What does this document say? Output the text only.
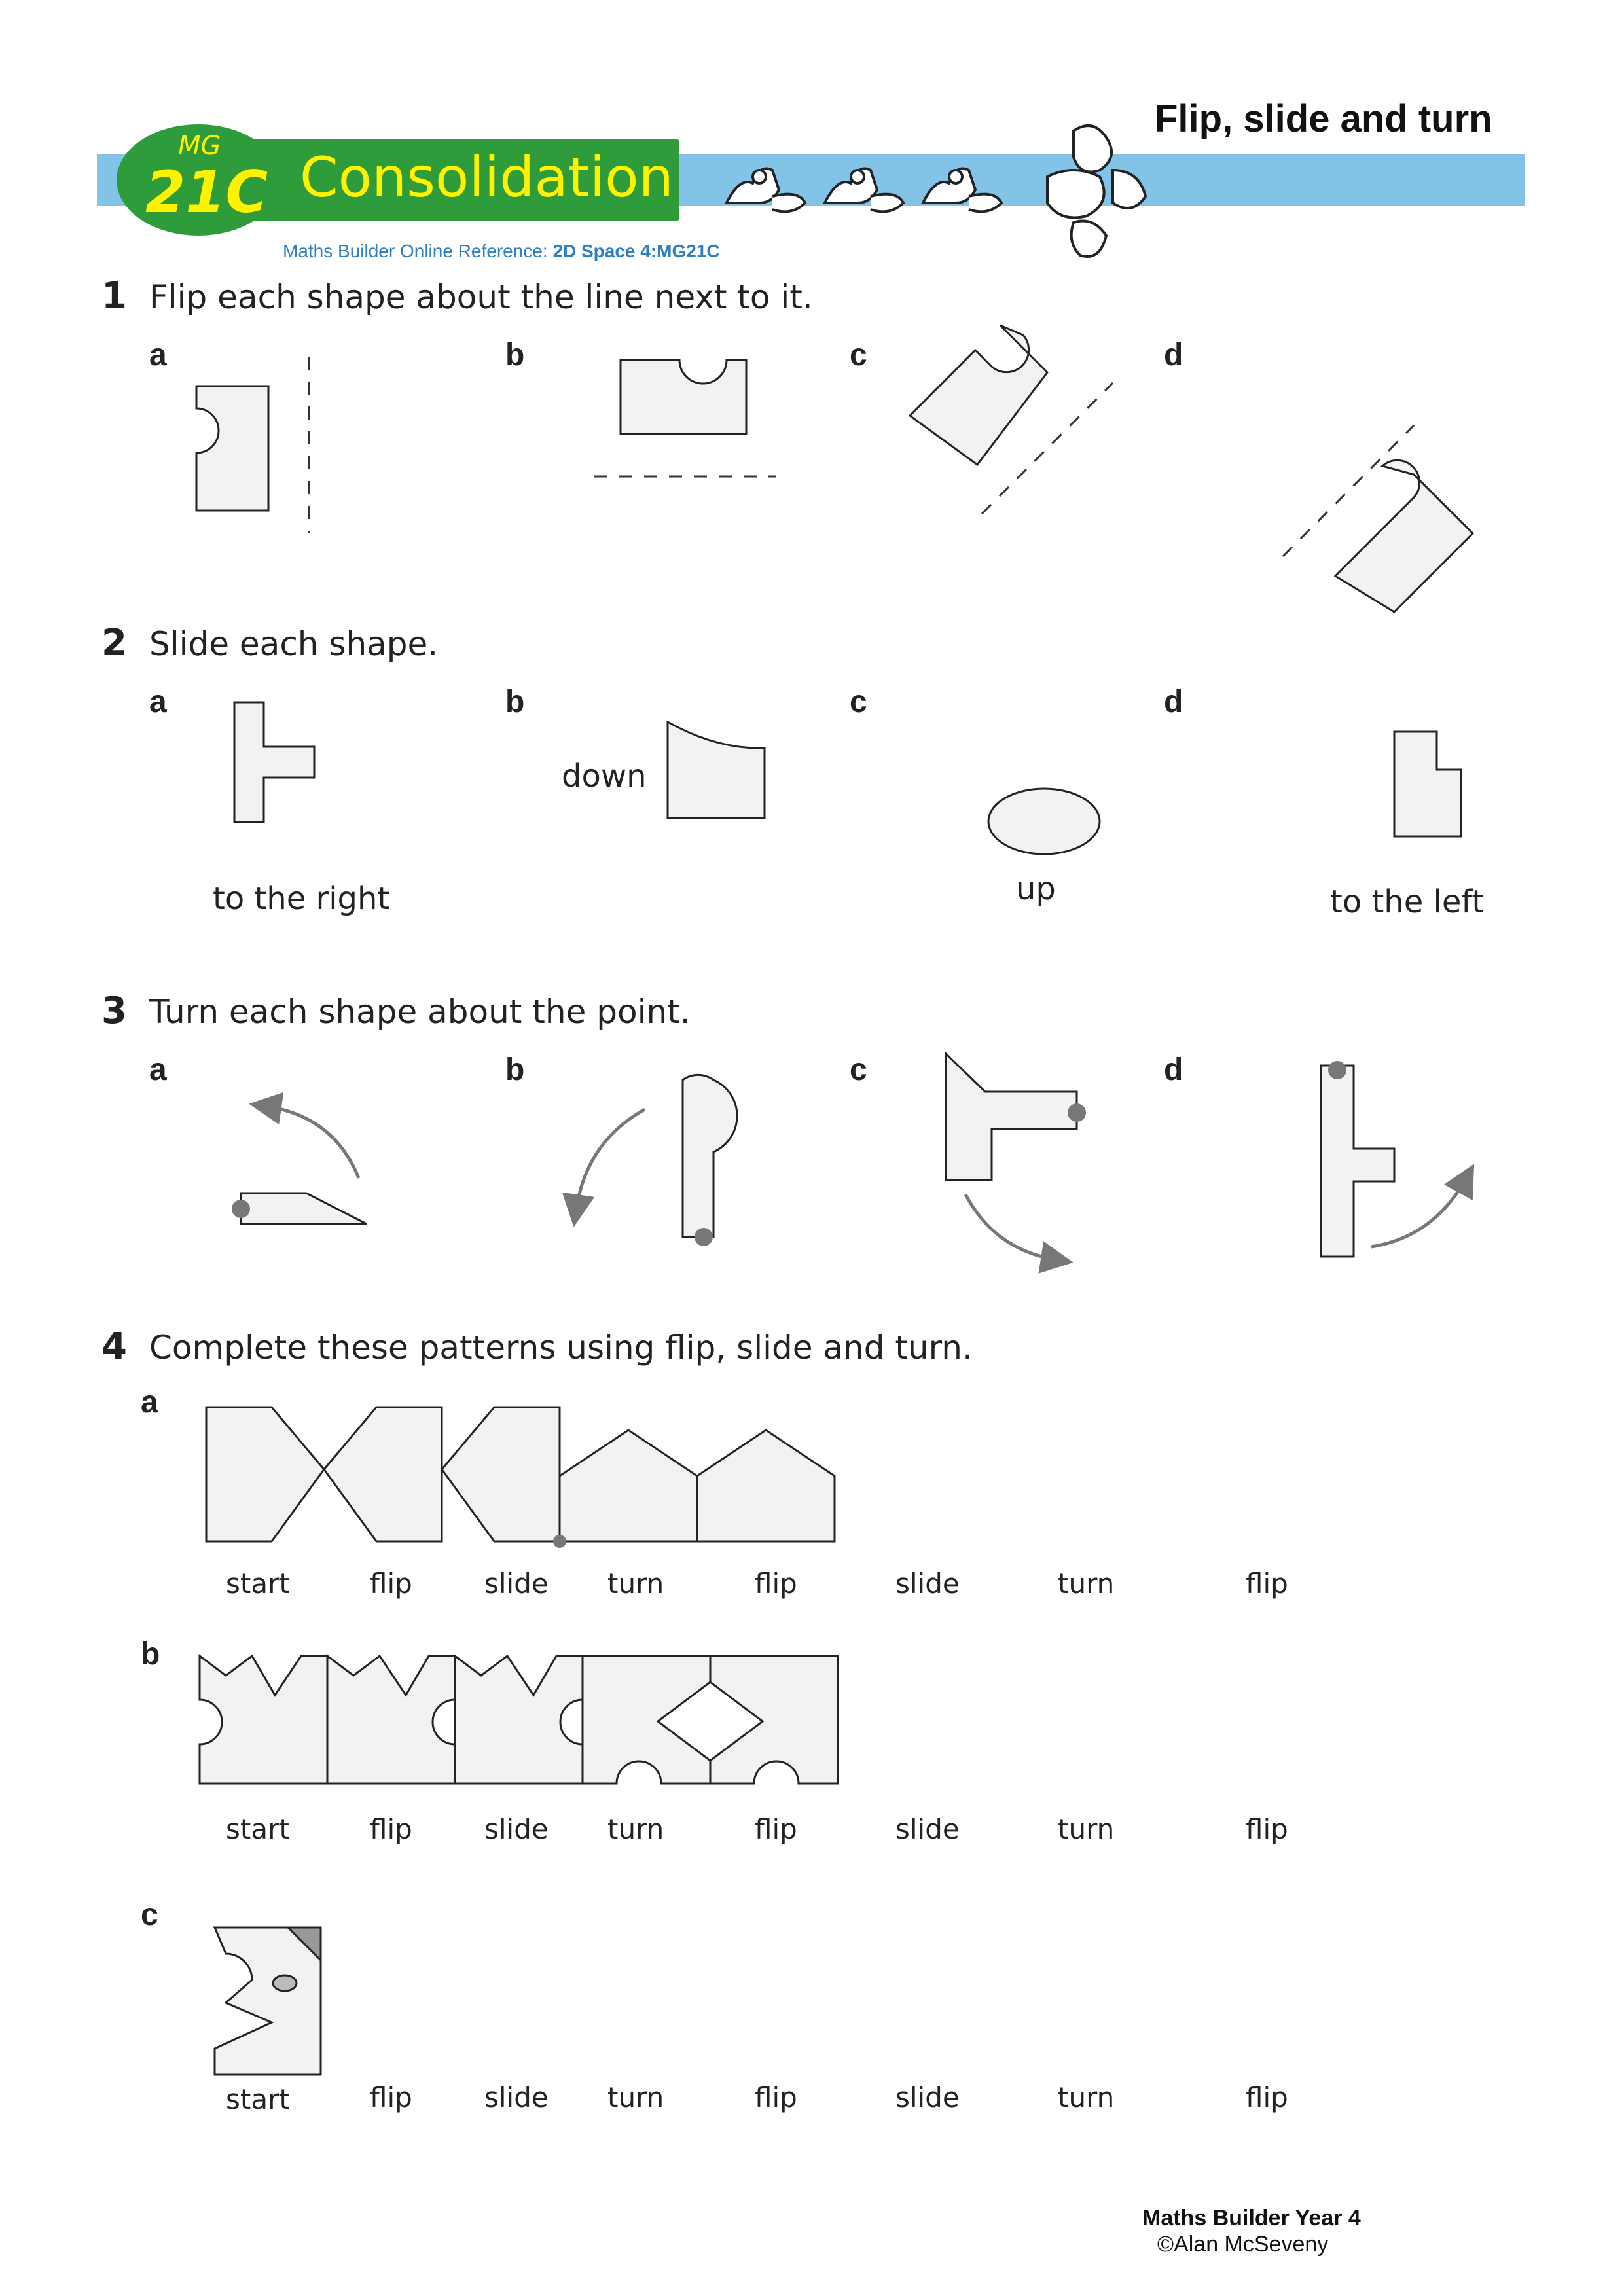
MG
21C Consolidation
Flip, slide and turn
Maths Builder Online Reference: 2D Space 4:MG21C
1 Flip each shape about the line next to it.
a	b	c	d
2 Slide each shape.
a	b	c	d
to the right
down
up	to the left
3 Turn each shape about the point.
a	b	c	d
4 Complete these patterns using flip, slide and turn.
a
b
c
start	flip	slide turn	flip	slide	turn	flip
start	flip	slide turn	flip	slide	turn	flip
start	flip	slide turn	flip	slide	turn	flip
Maths Builder Year 4
©Alan McSeveny
